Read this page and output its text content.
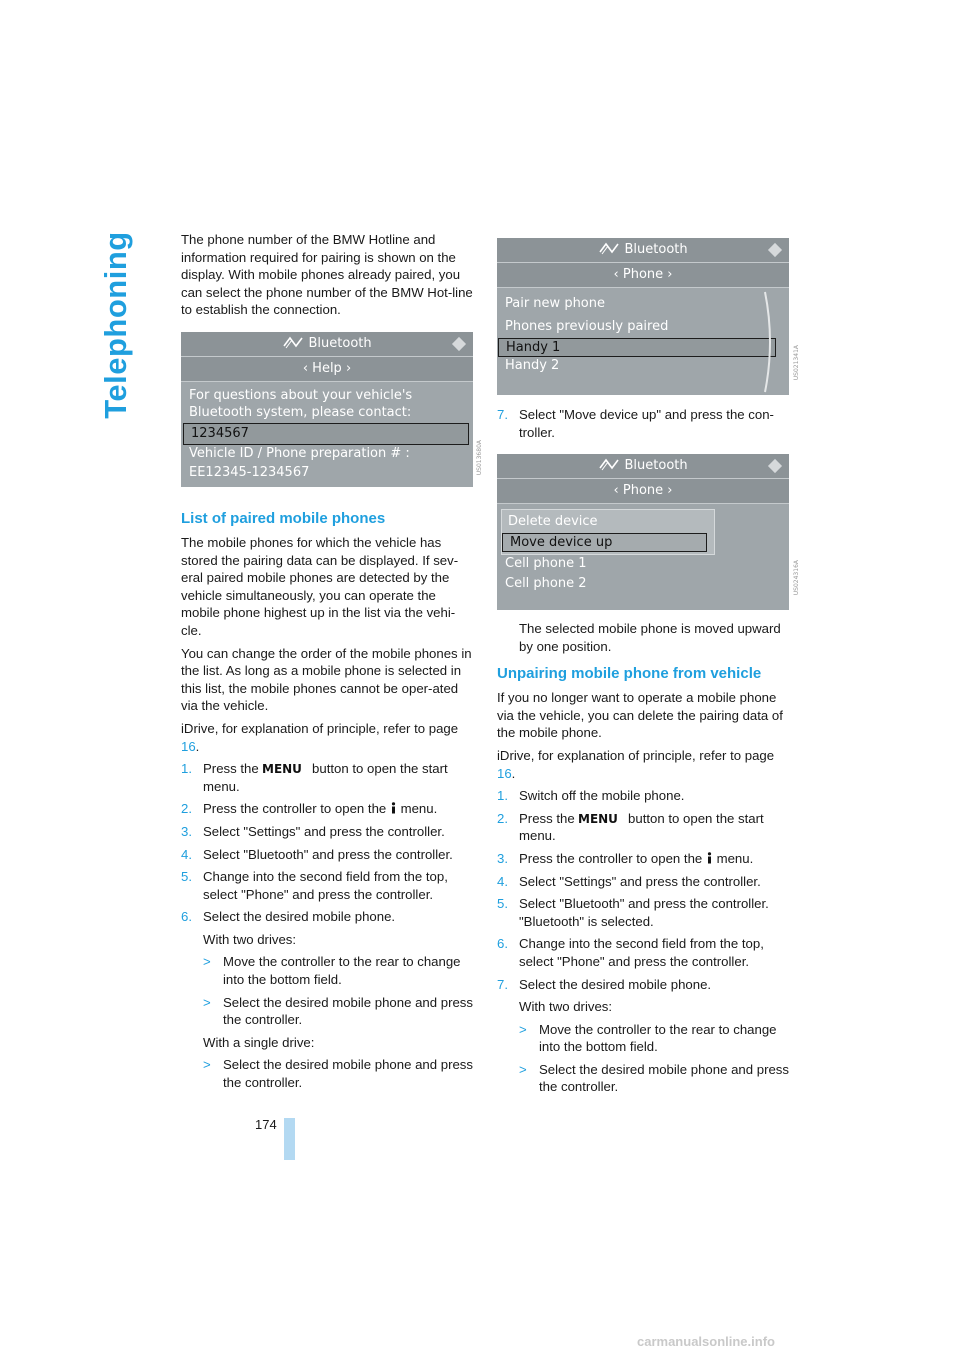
Telephoning	The phone number of the BMW Hotline and information required for pairing is shown on the display. With mobile phones already paired, you can select the phone number of the BMW Hot-line to establish the connection.

Bluetooth
‹ Help ›
For questions about your vehicle's
Bluetooth system, please contact:
1234567
Vehicle ID / Phone preparation # :
EE12345-1234567	US013680A
List of paired mobile phones

The mobile phones for which the vehicle has stored the pairing data can be displayed. If sev-eral paired mobile phones are detected by the vehicle simultaneously, you can operate the mobile phone highest up in the list via the vehi-cle.

You can change the order of the mobile phones in the list. As long as a mobile phone is selected in this list, the mobile phones cannot be oper-ated via the vehicle.

iDrive, for explanation of principle, refer to page 16.

1. Press the	button to open the start menu.
2. Press the controller to open the  menu.
3. Select "Settings" and press the controller.
4. Select "Bluetooth" and press the controller.
5. Change into the second field from the top, select "Phone" and press the controller.
6. Select the desired mobile phone.
With two drives:
> Move the controller to the rear to change into the bottom field.
> Select the desired mobile phone and press the controller.
With a single drive:
> Select the desired mobile phone and press the controller.
Bluetooth
‹ Phone ›
Pair new phone
Phones previously paired
Handy 1
Handy 2	US021341A
7. Select "Move device up" and press the con-troller.
Bluetooth
‹ Phone ›
Delete device
Move device up
Cell phone 1
Cell phone 2	US024316A
The selected mobile phone is moved upward by one position.
Unpairing mobile phone from vehicle

If you no longer want to operate a mobile phone via the vehicle, you can delete the pairing data of the mobile phone.

iDrive, for explanation of principle, refer to page 16.

1. Switch off the mobile phone.
2. Press the	button to open the start menu.
3. Press the controller to open the  menu.
4. Select "Settings" and press the controller.
5. Select "Bluetooth" and press the controller. "Bluetooth" is selected.
6. Change into the second field from the top, select "Phone" and press the controller.
7. Select the desired mobile phone.
With two drives:
> Move the controller to the rear to change into the bottom field.
> Select the desired mobile phone and press the controller.
174
carmanualsonline.info
